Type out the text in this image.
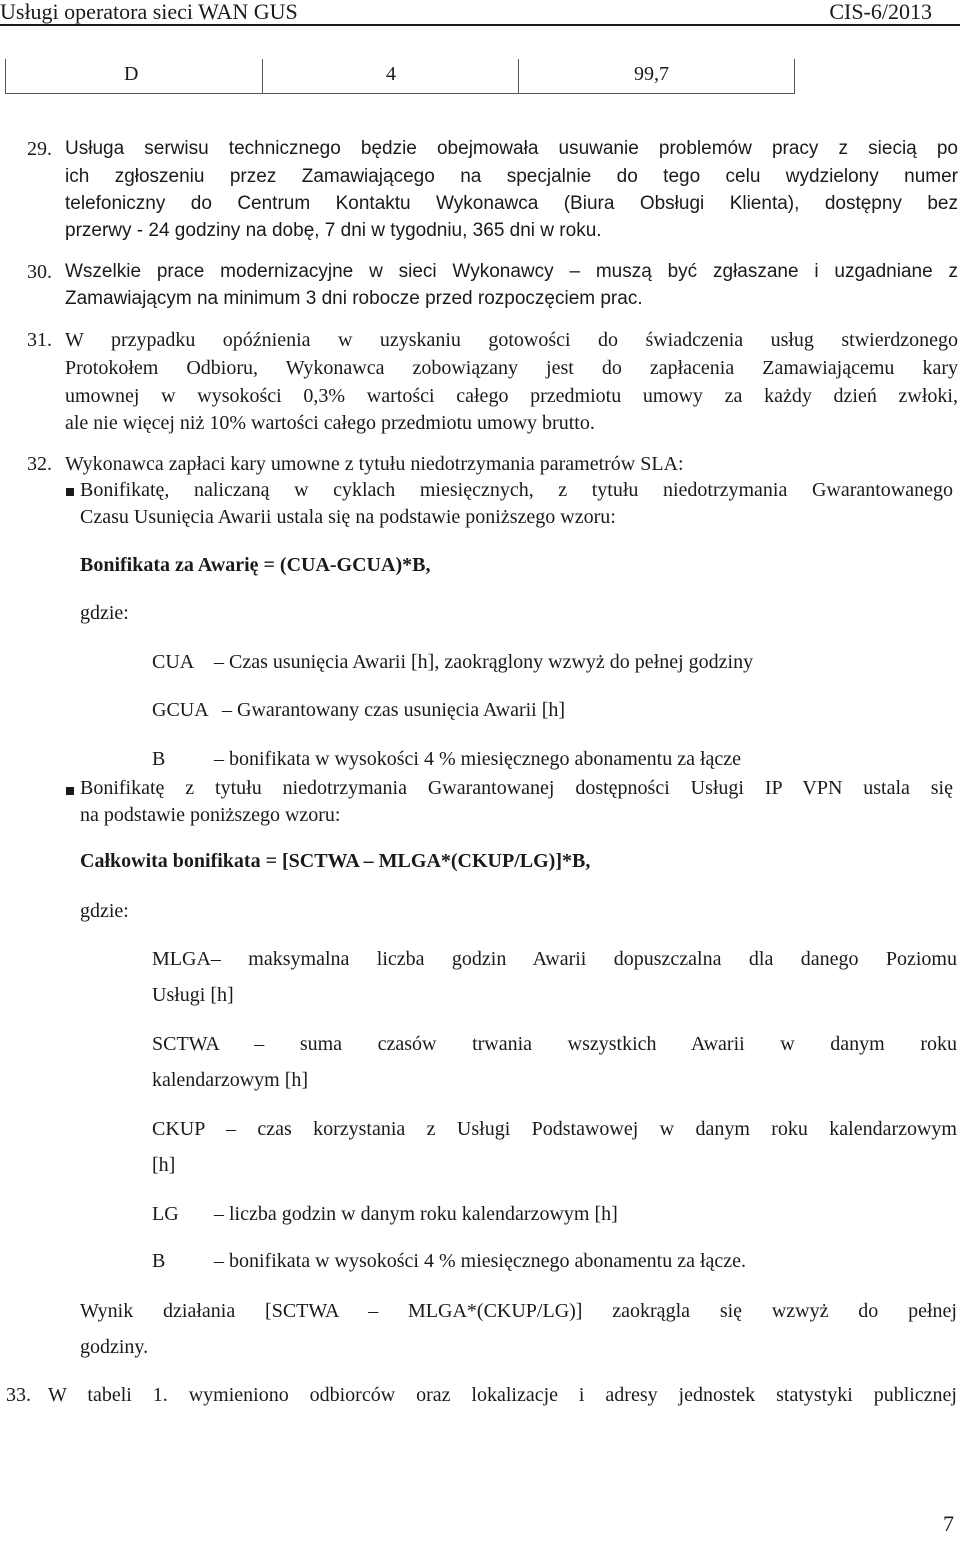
Usługi operatora sieci WAN GUS	CIS-6/2013
D	4	99,7
29. Usługa serwisu technicznego będzie obejmowała usuwanie problemów pracy z siecią po
ich zgłoszeniu przez Zamawiającego na specjalnie do tego celu wydzielony numer
telefoniczny do Centrum Kontaktu Wykonawca (Biura Obsługi Klienta), dostępny bez
przerwy - 24 godziny na dobę, 7 dni w tygodniu, 365 dni w roku.
30. Wszelkie prace modernizacyjne w sieci Wykonawcy – muszą być zgłaszane i uzgadniane z
Zamawiającym na minimum 3 dni robocze przed rozpoczęciem prac.
31. W przypadku opóźnienia w uzyskaniu gotowości do świadczenia usług stwierdzonego
Protokołem Odbioru, Wykonawca zobowiązany jest do zapłacenia Zamawiającemu kary
umownej w wysokości 0,3% wartości całego przedmiotu umowy za każdy dzień zwłoki,
ale nie więcej niż 10% wartości całego przedmiotu umowy brutto.
32. Wykonawca zapłaci kary umowne z tytułu niedotrzymania parametrów SLA:
Bonifikatę, naliczaną w cyklach miesięcznych, z tytułu niedotrzymania Gwarantowanego
Czasu Usunięcia Awarii ustala się na podstawie poniższego wzoru:
Bonifikata za Awarię = (CUA-GCUA)*B,
gdzie:
CUA – Czas usunięcia Awarii [h], zaokrąglony wzwyż do pełnej godziny
GCUA – Gwarantowany czas usunięcia Awarii [h]
B – bonifikata w wysokości 4 % miesięcznego abonamentu za łącze
Bonifikatę z tytułu niedotrzymania Gwarantowanej dostępności Usługi IP VPN ustala się
na podstawie poniższego wzoru:
Całkowita bonifikata = [SCTWA – MLGA*(CKUP/LG)]*B,
gdzie:
MLGA– maksymalna liczba godzin Awarii dopuszczalna dla danego Poziomu
Usługi [h]
SCTWA – suma czasów trwania wszystkich Awarii w danym roku
kalendarzowym [h]
CKUP – czas korzystania z Usługi Podstawowej w danym roku kalendarzowym
[h]
LG – liczba godzin w danym roku kalendarzowym [h]
B – bonifikata w wysokości 4 % miesięcznego abonamentu za łącze.
Wynik działania [SCTWA – MLGA*(CKUP/LG)] zaokrągla się wzwyż do pełnej
godziny.
33. W tabeli 1. wymieniono odbiorców oraz lokalizacje i adresy jednostek statystyki publicznej
7
